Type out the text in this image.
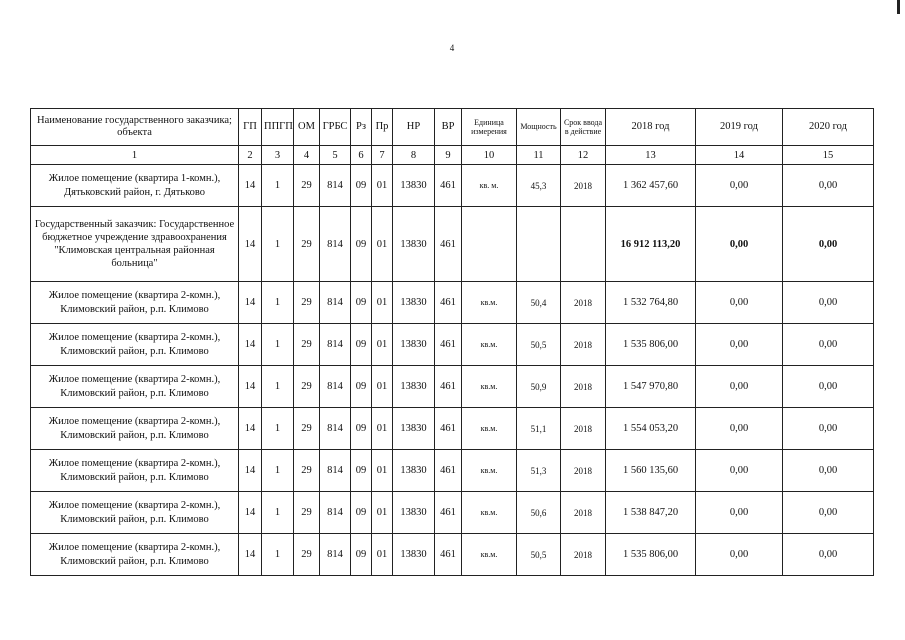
4
Наименование государственного заказчика; объекта	ГП	ППГП	ОМ	ГРБС	Рз	Пр	НР	ВР	Единица измерения	Мощность	Срок ввода в действие	2018 год	2019 год	2020 год
1	2	3	4	5	6	7	8	9	10	11	12	13	14	15
Жилое помещение (квартира 1-комн.), Дятьковский район, г. Дятьково	14	1	29	814	09	01	13830	461	кв. м.	45,3	2018	1 362 457,60	0,00	0,00
Государственный заказчик: Государственное бюджетное учреждение здравоохранения "Климовская центральная районная больница"	14	1	29	814	09	01	13830	461				16 912 113,20	0,00	0,00
Жилое помещение (квартира 2-комн.), Климовский район, р.п. Климово	14	1	29	814	09	01	13830	461	кв.м.	50,4	2018	1 532 764,80	0,00	0,00
Жилое помещение (квартира 2-комн.), Климовский район, р.п. Климово	14	1	29	814	09	01	13830	461	кв.м.	50,5	2018	1 535 806,00	0,00	0,00
Жилое помещение (квартира 2-комн.), Климовский район, р.п. Климово	14	1	29	814	09	01	13830	461	кв.м.	50,9	2018	1 547 970,80	0,00	0,00
Жилое помещение (квартира 2-комн.), Климовский район, р.п. Климово	14	1	29	814	09	01	13830	461	кв.м.	51,1	2018	1 554 053,20	0,00	0,00
Жилое помещение (квартира 2-комн.), Климовский район, р.п. Климово	14	1	29	814	09	01	13830	461	кв.м.	51,3	2018	1 560 135,60	0,00	0,00
Жилое помещение (квартира 2-комн.), Климовский район, р.п. Климово	14	1	29	814	09	01	13830	461	кв.м.	50,6	2018	1 538 847,20	0,00	0,00
Жилое помещение (квартира 2-комн.), Климовский район, р.п. Климово	14	1	29	814	09	01	13830	461	кв.м.	50,5	2018	1 535 806,00	0,00	0,00
